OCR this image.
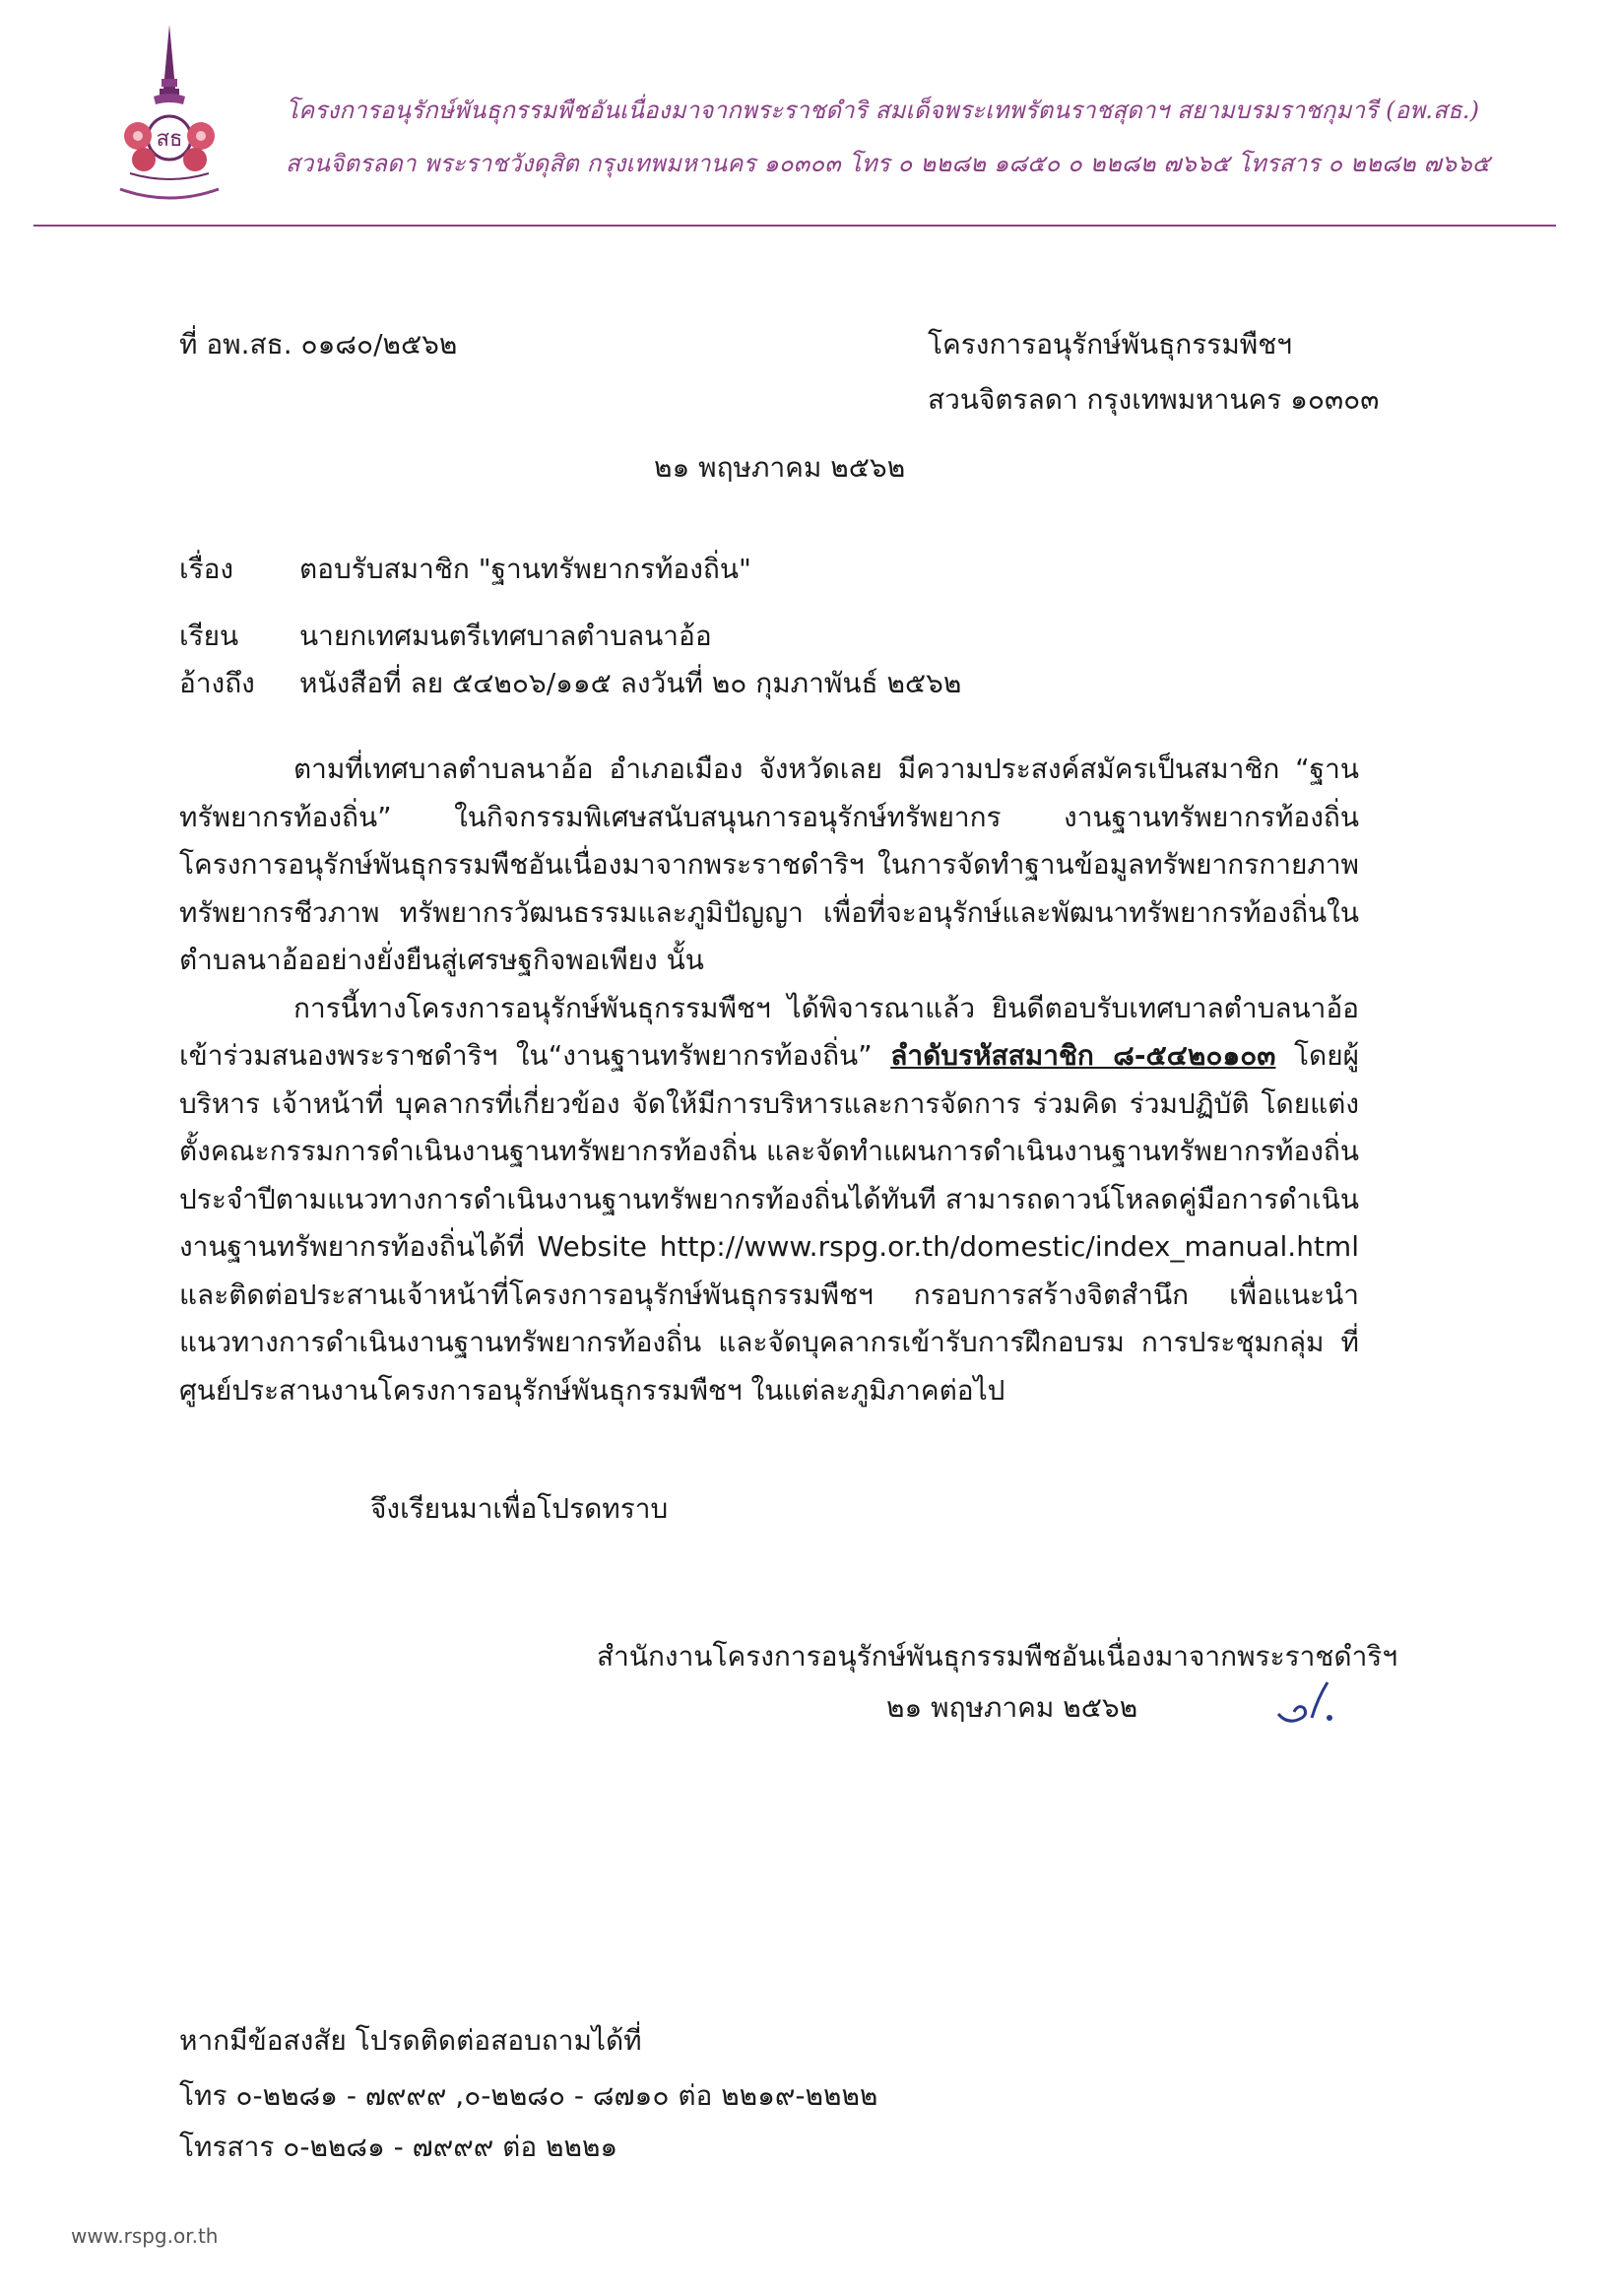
สธ
โครงการอนุรักษ์พันธุกรรมพืชอันเนื่องมาจากพระราชดำริ สมเด็จพระเทพรัตนราชสุดาฯ สยามบรมราชกุมารี (อพ.สธ.)
สวนจิตรลดา พระราชวังดุสิต กรุงเทพมหานคร ๑๐๓๐๓ โทร ๐ ๒๒๘๒ ๑๘๕๐ ๐ ๒๒๘๒ ๗๖๖๕ โทรสาร ๐ ๒๒๘๒ ๗๖๖๕
ที่ อพ.สธ. ๐๑๘๐/๒๕๖๒	โครงการอนุรักษ์พันธุกรรมพืชฯ
สวนจิตรลดา กรุงเทพมหานคร ๑๐๓๐๓
๒๑ พฤษภาคม ๒๕๖๒
เรื่อง ตอบรับสมาชิก "ฐานทรัพยากรท้องถิ่น"
เรียน นายกเทศมนตรีเทศบาลตำบลนาอ้อ
อ้างถึง หนังสือที่ ลย ๕๔๒๐๖/๑๑๕ ลงวันที่ ๒๐ กุมภาพันธ์ ๒๕๖๒

ตามที่เทศบาลตำบลนาอ้อ อำเภอเมือง จังหวัดเลย มีความประสงค์สมัครเป็นสมาชิก “ฐานทรัพยากรท้องถิ่น” ในกิจกรรมพิเศษสนับสนุนการอนุรักษ์ทรัพยากร งานฐานทรัพยากรท้องถิ่น โครงการอนุรักษ์พันธุกรรมพืชอันเนื่องมาจากพระราชดำริฯ ในการจัดทำฐานข้อมูลทรัพยากรกายภาพ ทรัพยากรชีวภาพ ทรัพยากรวัฒนธรรมและภูมิปัญญา เพื่อที่จะอนุรักษ์และพัฒนาทรัพยากรท้องถิ่นในตำบลนาอ้ออย่างยั่งยืนสู่เศรษฐกิจพอเพียง นั้น

การนี้ทางโครงการอนุรักษ์พันธุกรรมพืชฯ ได้พิจารณาแล้ว ยินดีตอบรับเทศบาลตำบลนาอ้อ เข้าร่วมสนองพระราชดำริฯ ใน“งานฐานทรัพยากรท้องถิ่น” ลำดับรหัสสมาชิก ๘-๕๔๒๐๑๐๓ โดยผู้บริหาร เจ้าหน้าที่ บุคลากรที่เกี่ยวข้อง จัดให้มีการบริหารและการจัดการ ร่วมคิด ร่วมปฏิบัติ โดยแต่งตั้งคณะกรรมการดำเนินงานฐานทรัพยากรท้องถิ่น และจัดทำแผนการดำเนินงานฐานทรัพยากรท้องถิ่นประจำปีตามแนวทางการดำเนินงานฐานทรัพยากรท้องถิ่นได้ทันที สามารถดาวน์โหลดคู่มือการดำเนินงานฐานทรัพยากรท้องถิ่นได้ที่ Website http://www.rspg.or.th/domestic/index_manual.html และติดต่อประสานเจ้าหน้าที่โครงการอนุรักษ์พันธุกรรมพืชฯ กรอบการสร้างจิตสำนึก เพื่อแนะนำแนวทางการดำเนินงานฐานทรัพยากรท้องถิ่น และจัดบุคลากรเข้ารับการฝึกอบรม การประชุมกลุ่ม ที่ศูนย์ประสานงานโครงการอนุรักษ์พันธุกรรมพืชฯ ในแต่ละภูมิภาคต่อไป

จึงเรียนมาเพื่อโปรดทราบ
สำนักงานโครงการอนุรักษ์พันธุกรรมพืชอันเนื่องมาจากพระราชดำริฯ
๒๑ พฤษภาคม ๒๕๖๒
หากมีข้อสงสัย โปรดติดต่อสอบถามได้ที่
โทร ๐-๒๒๘๑ - ๗๙๙๙ ,๐-๒๒๘๐ - ๘๗๑๐ ต่อ ๒๒๑๙-๒๒๒๒
โทรสาร ๐-๒๒๘๑ - ๗๙๙๙ ต่อ ๒๒๒๑
www.rspg.or.th
